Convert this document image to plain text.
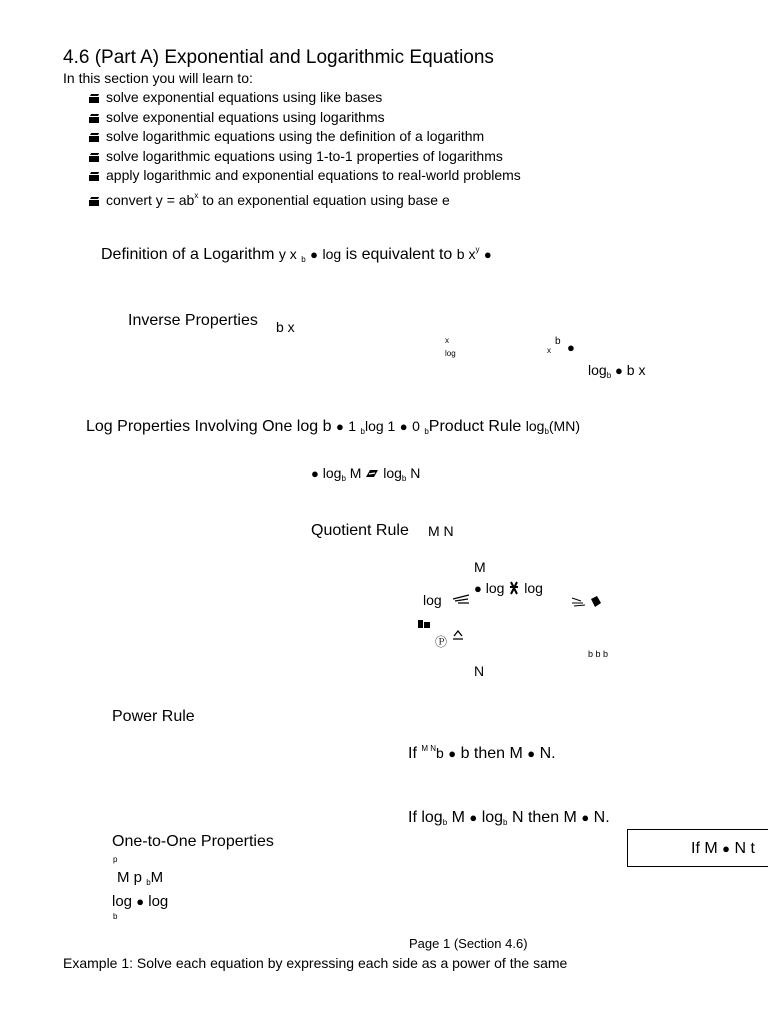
4.6 (Part A) Exponential and Logarithmic Equations
In this section you will learn to:
solve exponential equations using like bases
solve exponential equations using logarithms
solve logarithmic equations using the definition of a logarithm
solve logarithmic equations using 1-to-1 properties of logarithms
apply logarithmic and exponential equations to real-world problems
convert $y = ab^x$ to an exponential equation using base e
Definition of a Logarithm y x $_b$ ● log is equivalent to b $x^y$ ●
Inverse Properties b x
x
log	x
b ●
$\log_b$ ● b x
Log Properties Involving One log b ● 1 $_b$log 1 ● 0 $_b$Product Rule $\log_b(MN)$
● $\log_b M$ $\log_b N$
Quotient Rule M N
M
● log log
log
Ⓟ
b b b
N
Power Rule
If $^{M N}$b ● b then M ● N.
If $\log_b M$ ● $\log_b N$ then M ● N.
One-to-One Properties	If M ● N t
p
M p $_b$M
log ● log
b
Page 1 (Section 4.6)
Example 1: Solve each equation by expressing each side as a power of the same
